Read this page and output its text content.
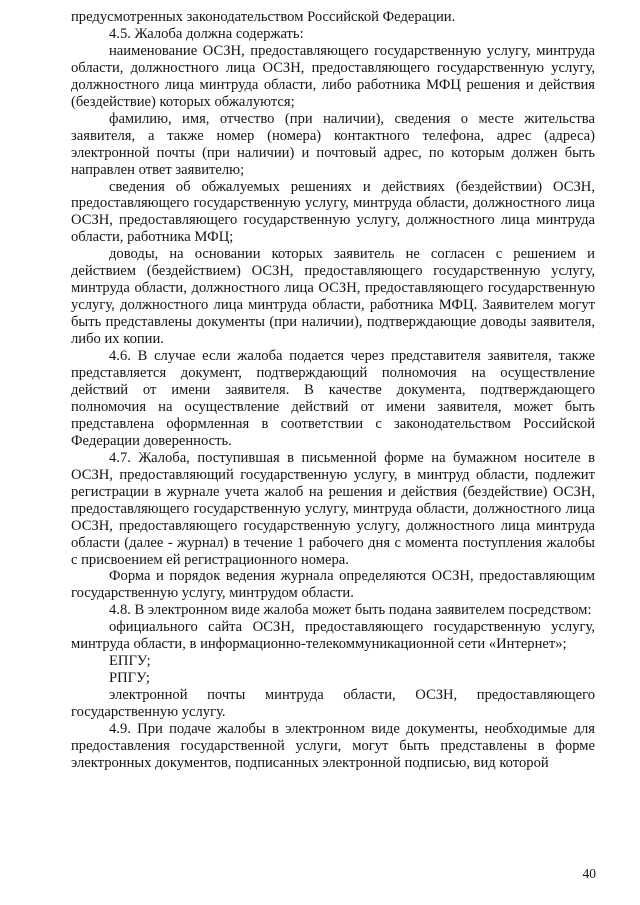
предусмотренных законодательством Российской Федерации.

4.5. Жалоба должна содержать:

наименование ОСЗН, предоставляющего государственную услугу, минтруда области, должностного лица ОСЗН, предоставляющего государственную услугу, должностного лица минтруда области, либо работника МФЦ решения и действия (бездействие) которых обжалуются;

фамилию, имя, отчество (при наличии), сведения о месте жительства заявителя, а также номер (номера) контактного телефона, адрес (адреса) электронной почты (при наличии) и почтовый адрес, по которым должен быть направлен ответ заявителю;

сведения об обжалуемых решениях и действиях (бездействии) ОСЗН, предоставляющего государственную услугу, минтруда области, должностного лица ОСЗН, предоставляющего государственную услугу, должностного лица минтруда области, работника МФЦ;

доводы, на основании которых заявитель не согласен с решением и действием (бездействием) ОСЗН, предоставляющего государственную услугу, минтруда области, должностного лица ОСЗН, предоставляющего государственную услугу, должностного лица минтруда области, работника МФЦ. Заявителем могут быть представлены документы (при наличии), подтверждающие доводы заявителя, либо их копии.

4.6. В случае если жалоба подается через представителя заявителя, также представляется документ, подтверждающий полномочия на осуществление действий от имени заявителя. В качестве документа, подтверждающего полномочия на осуществление действий от имени заявителя, может быть представлена оформленная в соответствии с законодательством Российской Федерации доверенность.

4.7. Жалоба, поступившая в письменной форме на бумажном носителе в ОСЗН, предоставляющий государственную услугу, в минтруд области, подлежит регистрации в журнале учета жалоб на решения и действия (бездействие) ОСЗН, предоставляющего государственную услугу, минтруда области, должностного лица ОСЗН, предоставляющего государственную услугу, должностного лица минтруда области (далее - журнал) в течение 1 рабочего дня с момента поступления жалобы с присвоением ей регистрационного номера.

Форма и порядок ведения журнала определяются ОСЗН, предоставляющим государственную услугу, минтрудом области.

4.8. В электронном виде жалоба может быть подана заявителем посредством:

официального сайта ОСЗН, предоставляющего государственную услугу, минтруда области, в информационно-телекоммуникационной сети «Интернет»;

ЕПГУ;

РПГУ;

электронной почты минтруда области, ОСЗН, предоставляющего государственную услугу.

4.9. При подаче жалобы в электронном виде документы, необходимые для предоставления государственной услуги, могут быть представлены в форме электронных документов, подписанных электронной подписью, вид которой

40
